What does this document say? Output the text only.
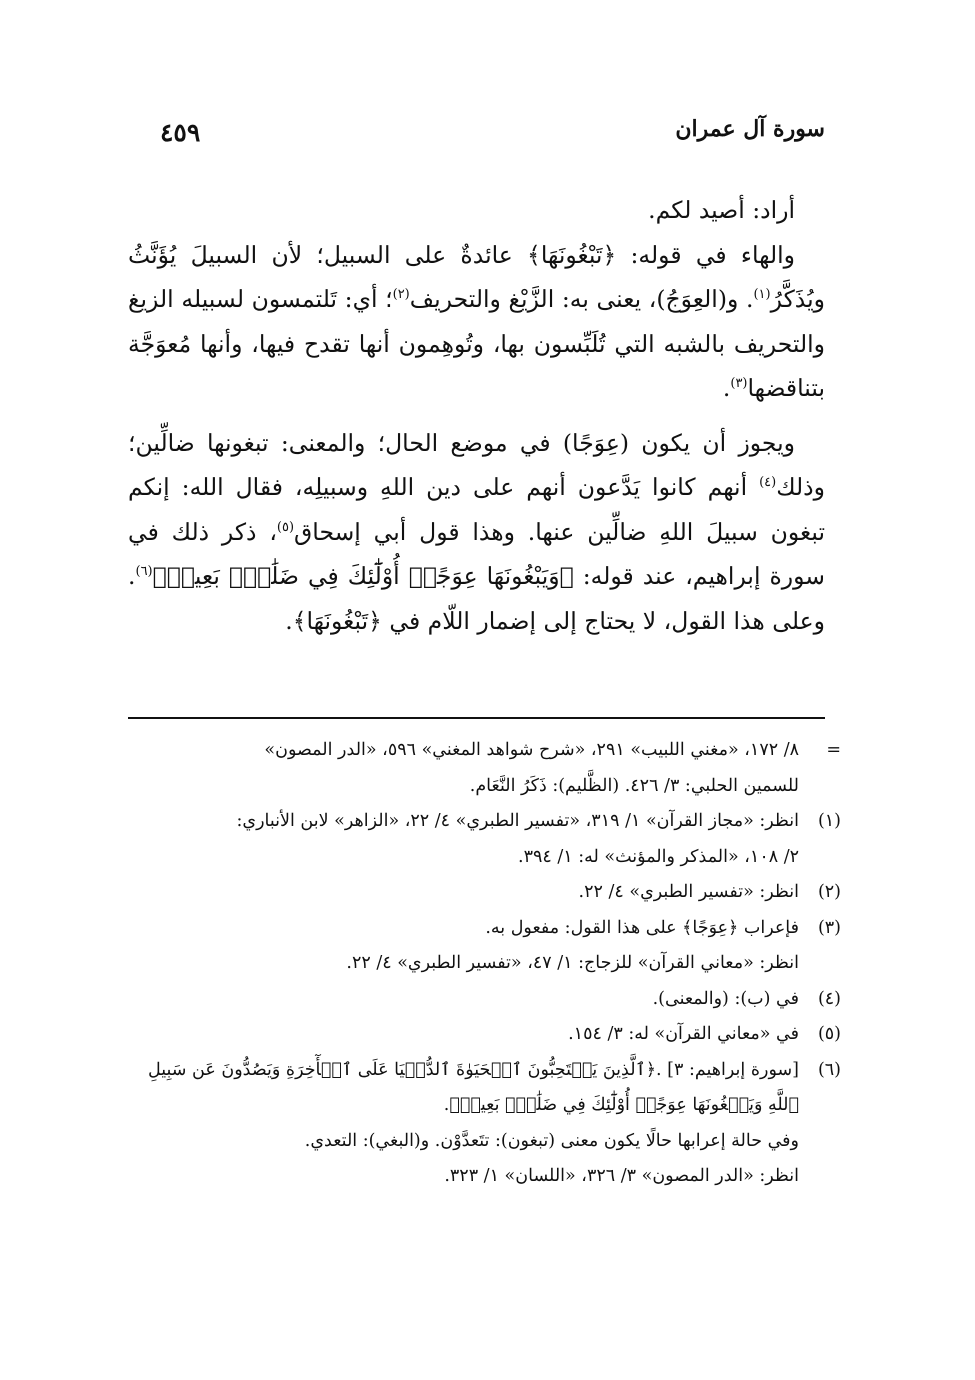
سورة آل عمران
٤٥٩

أراد: أصيد لكم.

والهاء في قوله: ﴿تَبْغُونَهَا﴾ عائدةٌ على السبيل؛ لأن السبيلَ يُؤَنَّثُ ويُذَكَّرُ$^{(١)}$. و(العِوَجُ)، يعنى به: الزَّيْغ والتحريف$^{(٢)}$؛ أي: تَلتمسون لسبيله الزيغ والتحريف بالشبه التي تُلَبِّسون بها، وتُوهِمون أنها تقدح فيها، وأنها مُعوَجَّة بتناقضها$^{(٣)}$.

ويجوز أن يكون (عِوَجًا) في موضع الحال؛ والمعنى: تبغونها ضالِّين؛ وذلك$^{(٤)}$ أنهم كانوا يَدَّعون أنهم على دين اللهِ وسبيلِه، فقال الله: إنكم تبغون سبيلَ اللهِ ضالِّين عنها. وهذا قول أبي إسحاق$^{(٥)}$، ذكر ذلك في سورة إبراهيم، عند قوله: ﴿وَيَبْغُونَهَا عِوَجًاۚ أُوْلَٰٓئِكَ فِي ضَلَٰلِۭ بَعِيدٖ﴾$^{(٦)}$. وعلى هذا القول، لا يحتاج إلى إضمار اللّام في ﴿تَبْغُونَهَا﴾.

=
٨/ ١٧٢، «مغني اللبيب» ٢٩١، «شرح شواهد المغني» ٥٩٦، «الدر المصون»
للسمين الحلبي: ٣/ ٤٢٦. (الظَّليم): ذَكَرُ النَّعَام.
(١)
انظر: «مجاز القرآن» ١/ ٣١٩، «تفسير الطبري» ٤/ ٢٢، «الزاهر» لابن الأنباري:
٢/ ١٠٨، «المذكر والمؤنث» له: ١/ ٣٩٤.
(٢)
انظر: «تفسير الطبري» ٤/ ٢٢.
(٣)
فإعراب ﴿عِوَجًا﴾ على هذا القول: مفعول به.
انظر: «معاني القرآن» للزجاج: ١/ ٤٧، «تفسير الطبري» ٤/ ٢٢.
(٤)
في (ب): (والمعنى).
(٥)
في «معاني القرآن» له: ٣/ ١٥٤.
(٦)
[سورة إبراهيم: ٣] .﴿ٱلَّذِينَ يَسۡتَحِبُّونَ ٱلۡحَيَوٰةَ ٱلدُّنۡيَا عَلَى ٱلۡأٓخِرَةِ وَيَصُدُّونَ عَن سَبِيلِ
ٱللَّهِ وَيَبۡغُونَهَا عِوَجًاۚ أُوْلَٰٓئِكَ فِي ضَلَٰلِۭ بَعِيدٖ﴾.
وفي حالة إعرابها حالًا يكون معنى (تبغون): تتَعدَّوْن. و(البغي): التعدي.
انظر: «الدر المصون» ٣/ ٣٢٦، «اللسان» ١/ ٣٢٣.
